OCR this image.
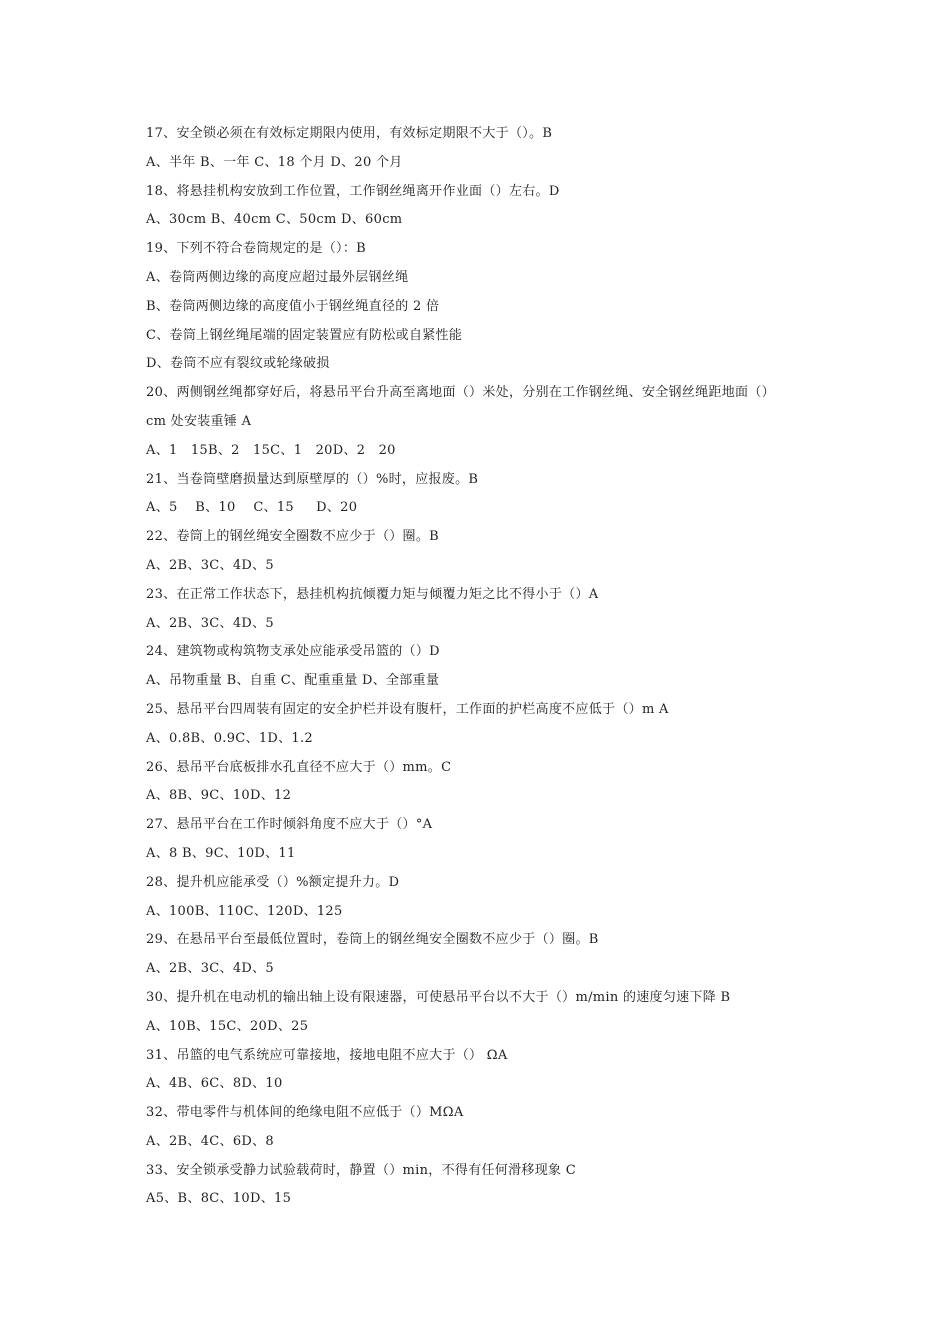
17、安全锁必须在有效标定期限内使用，有效标定期限不大于（）。B
A、半年 B、一年 C、18 个月 D、20 个月
18、将悬挂机构安放到工作位置，工作钢丝绳离开作业面（）左右。D
A、30cm B、40cm C、50cm D、60cm
19、下列不符合卷筒规定的是（）：B
A、卷筒两侧边缘的高度应超过最外层钢丝绳
B、卷筒两侧边缘的高度值小于钢丝绳直径的 2 倍
C、卷筒上钢丝绳尾端的固定装置应有防松或自紧性能
D、卷筒不应有裂纹或轮缘破损
20、两侧钢丝绳都穿好后，将悬吊平台升高至离地面（）米处，分别在工作钢丝绳、安全钢丝绳距地面（）
cm 处安装重锤 A
A、1   15B、2   15C、1   20D、2   20
21、当卷筒壁磨损量达到原壁厚的（）%时，应报废。B
A、5    B、10    C、15     D、20
22、卷筒上的钢丝绳安全圈数不应少于（）圈。B
A、2B、3C、4D、5
23、在正常工作状态下，悬挂机构抗倾覆力矩与倾覆力矩之比不得小于（）A
A、2B、3C、4D、5
24、建筑物或构筑物支承处应能承受吊篮的（）D
A、吊物重量 B、自重 C、配重重量 D、全部重量
25、悬吊平台四周装有固定的安全护栏并设有腹杆，工作面的护栏高度不应低于（）m A
A、0.8B、0.9C、1D、1.2
26、悬吊平台底板排水孔直径不应大于（）mm。C
A、8B、9C、10D、12
27、悬吊平台在工作时倾斜角度不应大于（）°A
A、8 B、9C、10D、11
28、提升机应能承受（）%额定提升力。D
A、100B、110C、120D、125
29、在悬吊平台至最低位置时，卷筒上的钢丝绳安全圈数不应少于（）圈。B
A、2B、3C、4D、5
30、提升机在电动机的输出轴上设有限速器，可使悬吊平台以不大于（）m/min 的速度匀速下降 B
A、10B、15C、20D、25
31、吊篮的电气系统应可靠接地，接地电阻不应大于（） ΩA
A、4B、6C、8D、10
32、带电零件与机体间的绝缘电阻不应低于（）MΩA
A、2B、4C、6D、8
33、安全锁承受静力试验载荷时，静置（）min，不得有任何滑移现象 C
A5、B、8C、10D、15
